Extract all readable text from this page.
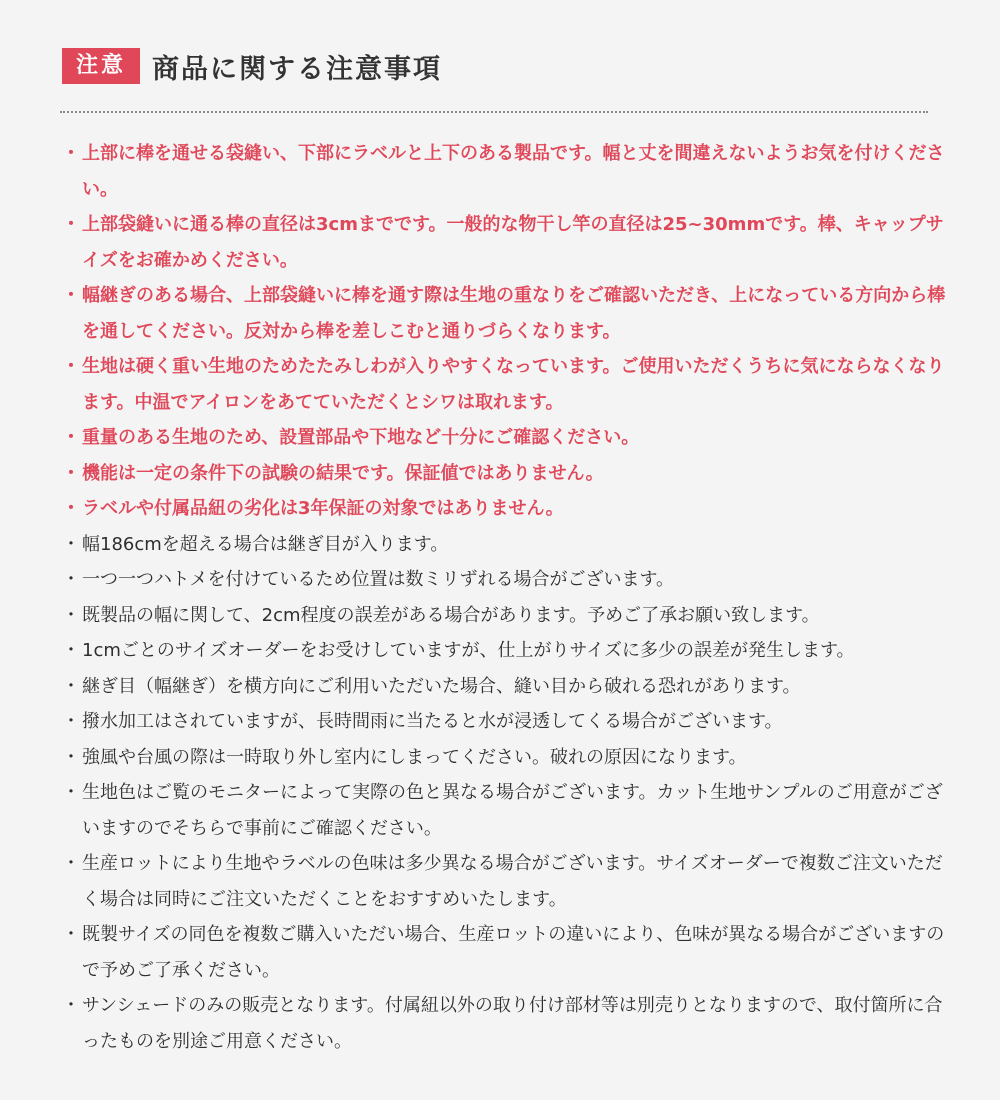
注意 商品に関する注意事項
・ 上部に棒を通せる袋縫い、下部にラベルと上下のある製品です。幅と丈を間違えないようお気を付けください。
・ 上部袋縫いに通る棒の直径は3cmまでです。一般的な物干し竿の直径は25~30mmです。棒、キャップサイズをお確かめください。
・ 幅継ぎのある場合、上部袋縫いに棒を通す際は生地の重なりをご確認いただき、上になっている方向から棒を通してください。反対から棒を差しこむと通りづらくなります。
・ 生地は硬く重い生地のためたたみしわが入りやすくなっています。ご使用いただくうちに気にならなくなります。中温でアイロンをあてていただくとシワは取れます。
・ 重量のある生地のため、設置部品や下地など十分にご確認ください。
・ 機能は一定の条件下の試験の結果です。保証値ではありません。
・ ラベルや付属品紐の劣化は3年保証の対象ではありません。
・ 幅186cmを超える場合は継ぎ目が入ります。
・ 一つ一つハトメを付けているため位置は数ミリずれる場合がございます。
・ 既製品の幅に関して、2cm程度の誤差がある場合があります。予めご了承お願い致します。
・ 1cmごとのサイズオーダーをお受けしていますが、仕上がりサイズに多少の誤差が発生します。
・ 継ぎ目（幅継ぎ）を横方向にご利用いただいた場合、縫い目から破れる恐れがあります。
・ 撥水加工はされていますが、長時間雨に当たると水が浸透してくる場合がございます。
・ 強風や台風の際は一時取り外し室内にしまってください。破れの原因になります。
・ 生地色はご覧のモニターによって実際の色と異なる場合がございます。カット生地サンプルのご用意がございますのでそちらで事前にご確認ください。
・ 生産ロットにより生地やラベルの色味は多少異なる場合がございます。サイズオーダーで複数ご注文いただく場合は同時にご注文いただくことをおすすめいたします。
・ 既製サイズの同色を複数ご購入いただい場合、生産ロットの違いにより、色味が異なる場合がございますので予めご了承ください。
・ サンシェードのみの販売となります。付属紐以外の取り付け部材等は別売りとなりますので、取付箇所に合ったものを別途ご用意ください。
